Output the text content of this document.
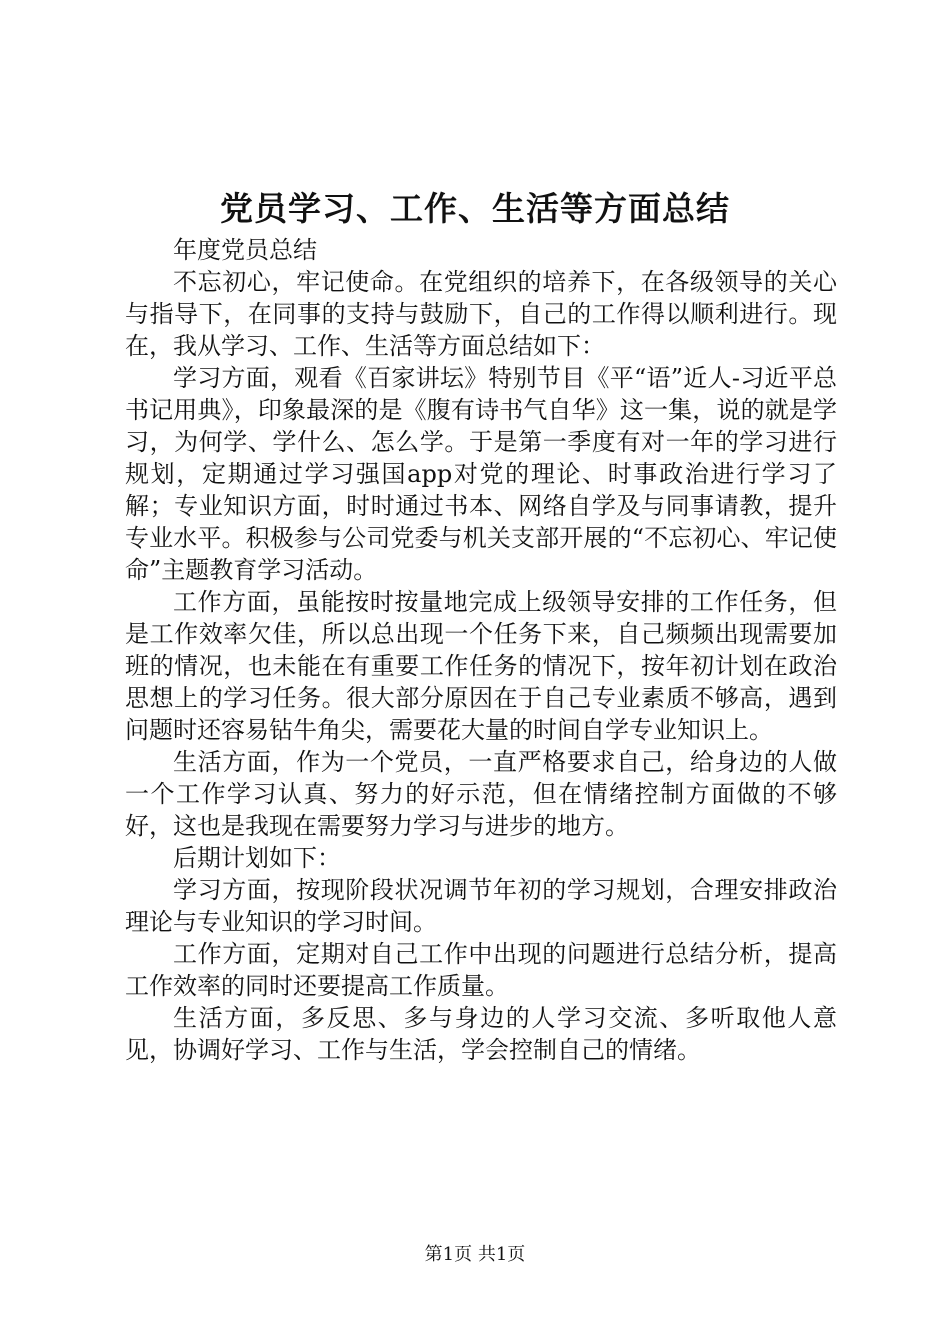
党员学习、工作、生活等方面总结

年度党员总结

不忘初心，牢记使命。在党组织的培养下，在各级领导的关心与指导下，在同事的支持与鼓励下，自己的工作得以顺利进行。现在，我从学习、工作、生活等方面总结如下：

学习方面，观看《百家讲坛》特别节目《平“语”近人-习近平总书记用典》，印象最深的是《腹有诗书气自华》这一集，说的就是学习，为何学、学什么、怎么学。于是第一季度有对一年的学习进行规划，定期通过学习强国app对党的理论、时事政治进行学习了解；专业知识方面，时时通过书本、网络自学及与同事请教，提升专业水平。积极参与公司党委与机关支部开展的“不忘初心、牢记使命”主题教育学习活动。

工作方面，虽能按时按量地完成上级领导安排的工作任务，但是工作效率欠佳，所以总出现一个任务下来，自己频频出现需要加班的情况，也未能在有重要工作任务的情况下，按年初计划在政治思想上的学习任务。很大部分原因在于自己专业素质不够高，遇到问题时还容易钻牛角尖，需要花大量的时间自学专业知识上。

生活方面，作为一个党员，一直严格要求自己，给身边的人做一个工作学习认真、努力的好示范，但在情绪控制方面做的不够好，这也是我现在需要努力学习与进步的地方。

后期计划如下：

学习方面，按现阶段状况调节年初的学习规划，合理安排政治理论与专业知识的学习时间。

工作方面，定期对自己工作中出现的问题进行总结分析，提高工作效率的同时还要提高工作质量。

生活方面，多反思、多与身边的人学习交流、多听取他人意见，协调好学习、工作与生活，学会控制自己的情绪。

第1页 共1页
